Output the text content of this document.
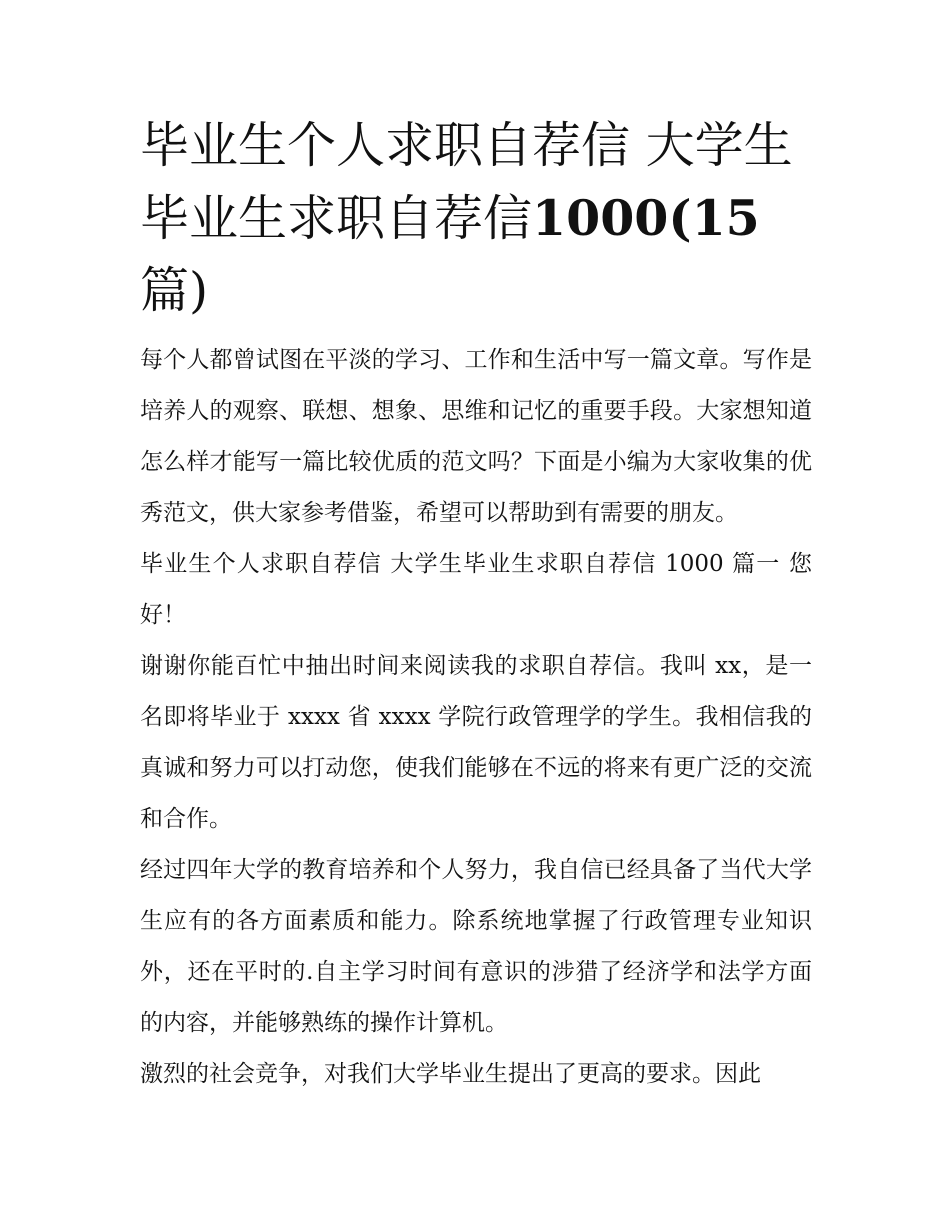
毕业生个人求职自荐信 大学生毕业生求职自荐信1000(15 篇)

每个人都曾试图在平淡的学习、工作和生活中写一篇文章。写作是培养人的观察、联想、想象、思维和记忆的重要手段。大家想知道怎么样才能写一篇比较优质的范文吗？下面是小编为大家收集的优秀范文，供大家参考借鉴，希望可以帮助到有需要的朋友。

毕业生个人求职自荐信 大学生毕业生求职自荐信 1000 篇一 您好！

谢谢你能百忙中抽出时间来阅读我的求职自荐信。我叫 xx，是一名即将毕业于 xxxx 省 xxxx 学院行政管理学的学生。我相信我的真诚和努力可以打动您，使我们能够在不远的将来有更广泛的交流和合作。

经过四年大学的教育培养和个人努力，我自信已经具备了当代大学生应有的各方面素质和能力。除系统地掌握了行政管理专业知识外，还在平时的.自主学习时间有意识的涉猎了经济学和法学方面的内容，并能够熟练的操作计算机。

激烈的社会竞争，对我们大学毕业生提出了更高的要求。因此
